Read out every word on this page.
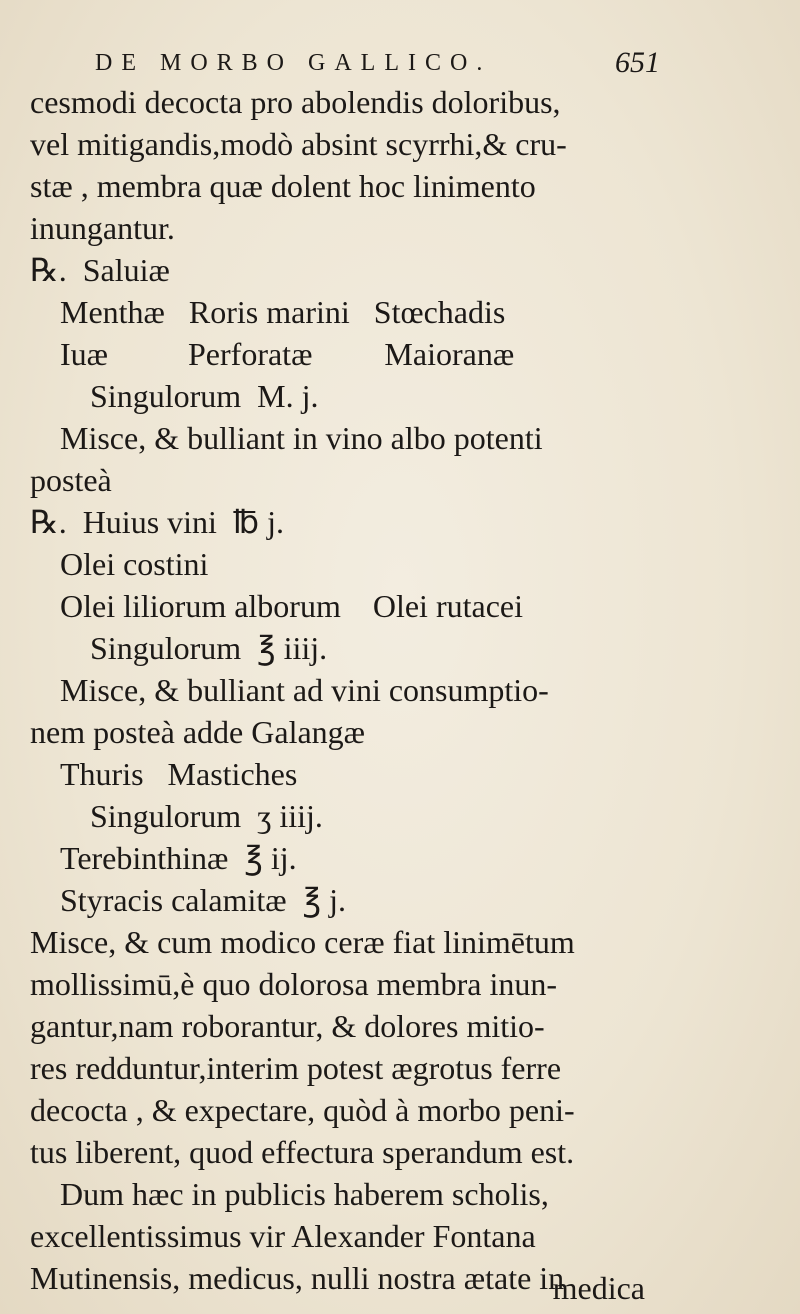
DE MORBO GALLICO.	651
cesmodi decocta pro abolendis doloribus,
vel mitigandis,modò absint scyrrhi,& cru-
stæ , membra quæ dolent hoc linimento
inungantur.
℞.  Saluiæ
Menthæ   Roris marini   Stœchadis
Iuæ          Perforatæ         Maioranæ
Singulorum  M. j.
Misce, & bulliant in vino albo potenti
posteà
℞.  Huius vini  ℔ j.
Olei costini
Olei liliorum alborum    Olei rutacei
Singulorum  ℥ iiij.
Misce, & bulliant ad vini consumptio-
nem posteà adde Galangæ
Thuris   Mastiches
Singulorum  ʒ iiij.
Terebinthinæ  ℥ ij.
Styracis calamitæ  ℥ j.
Misce, & cum modico ceræ fiat linimētum
mollissimū,è quo dolorosa membra inun-
gantur,nam roborantur, & dolores mitio-
res redduntur,interim potest ægrotus ferre
decocta , & expectare, quòd à morbo peni-
tus liberent, quod effectura sperandum est.
Dum hæc in publicis haberem scholis,
excellentissimus vir Alexander Fontana
Mutinensis, medicus, nulli nostra ætate in
medica
